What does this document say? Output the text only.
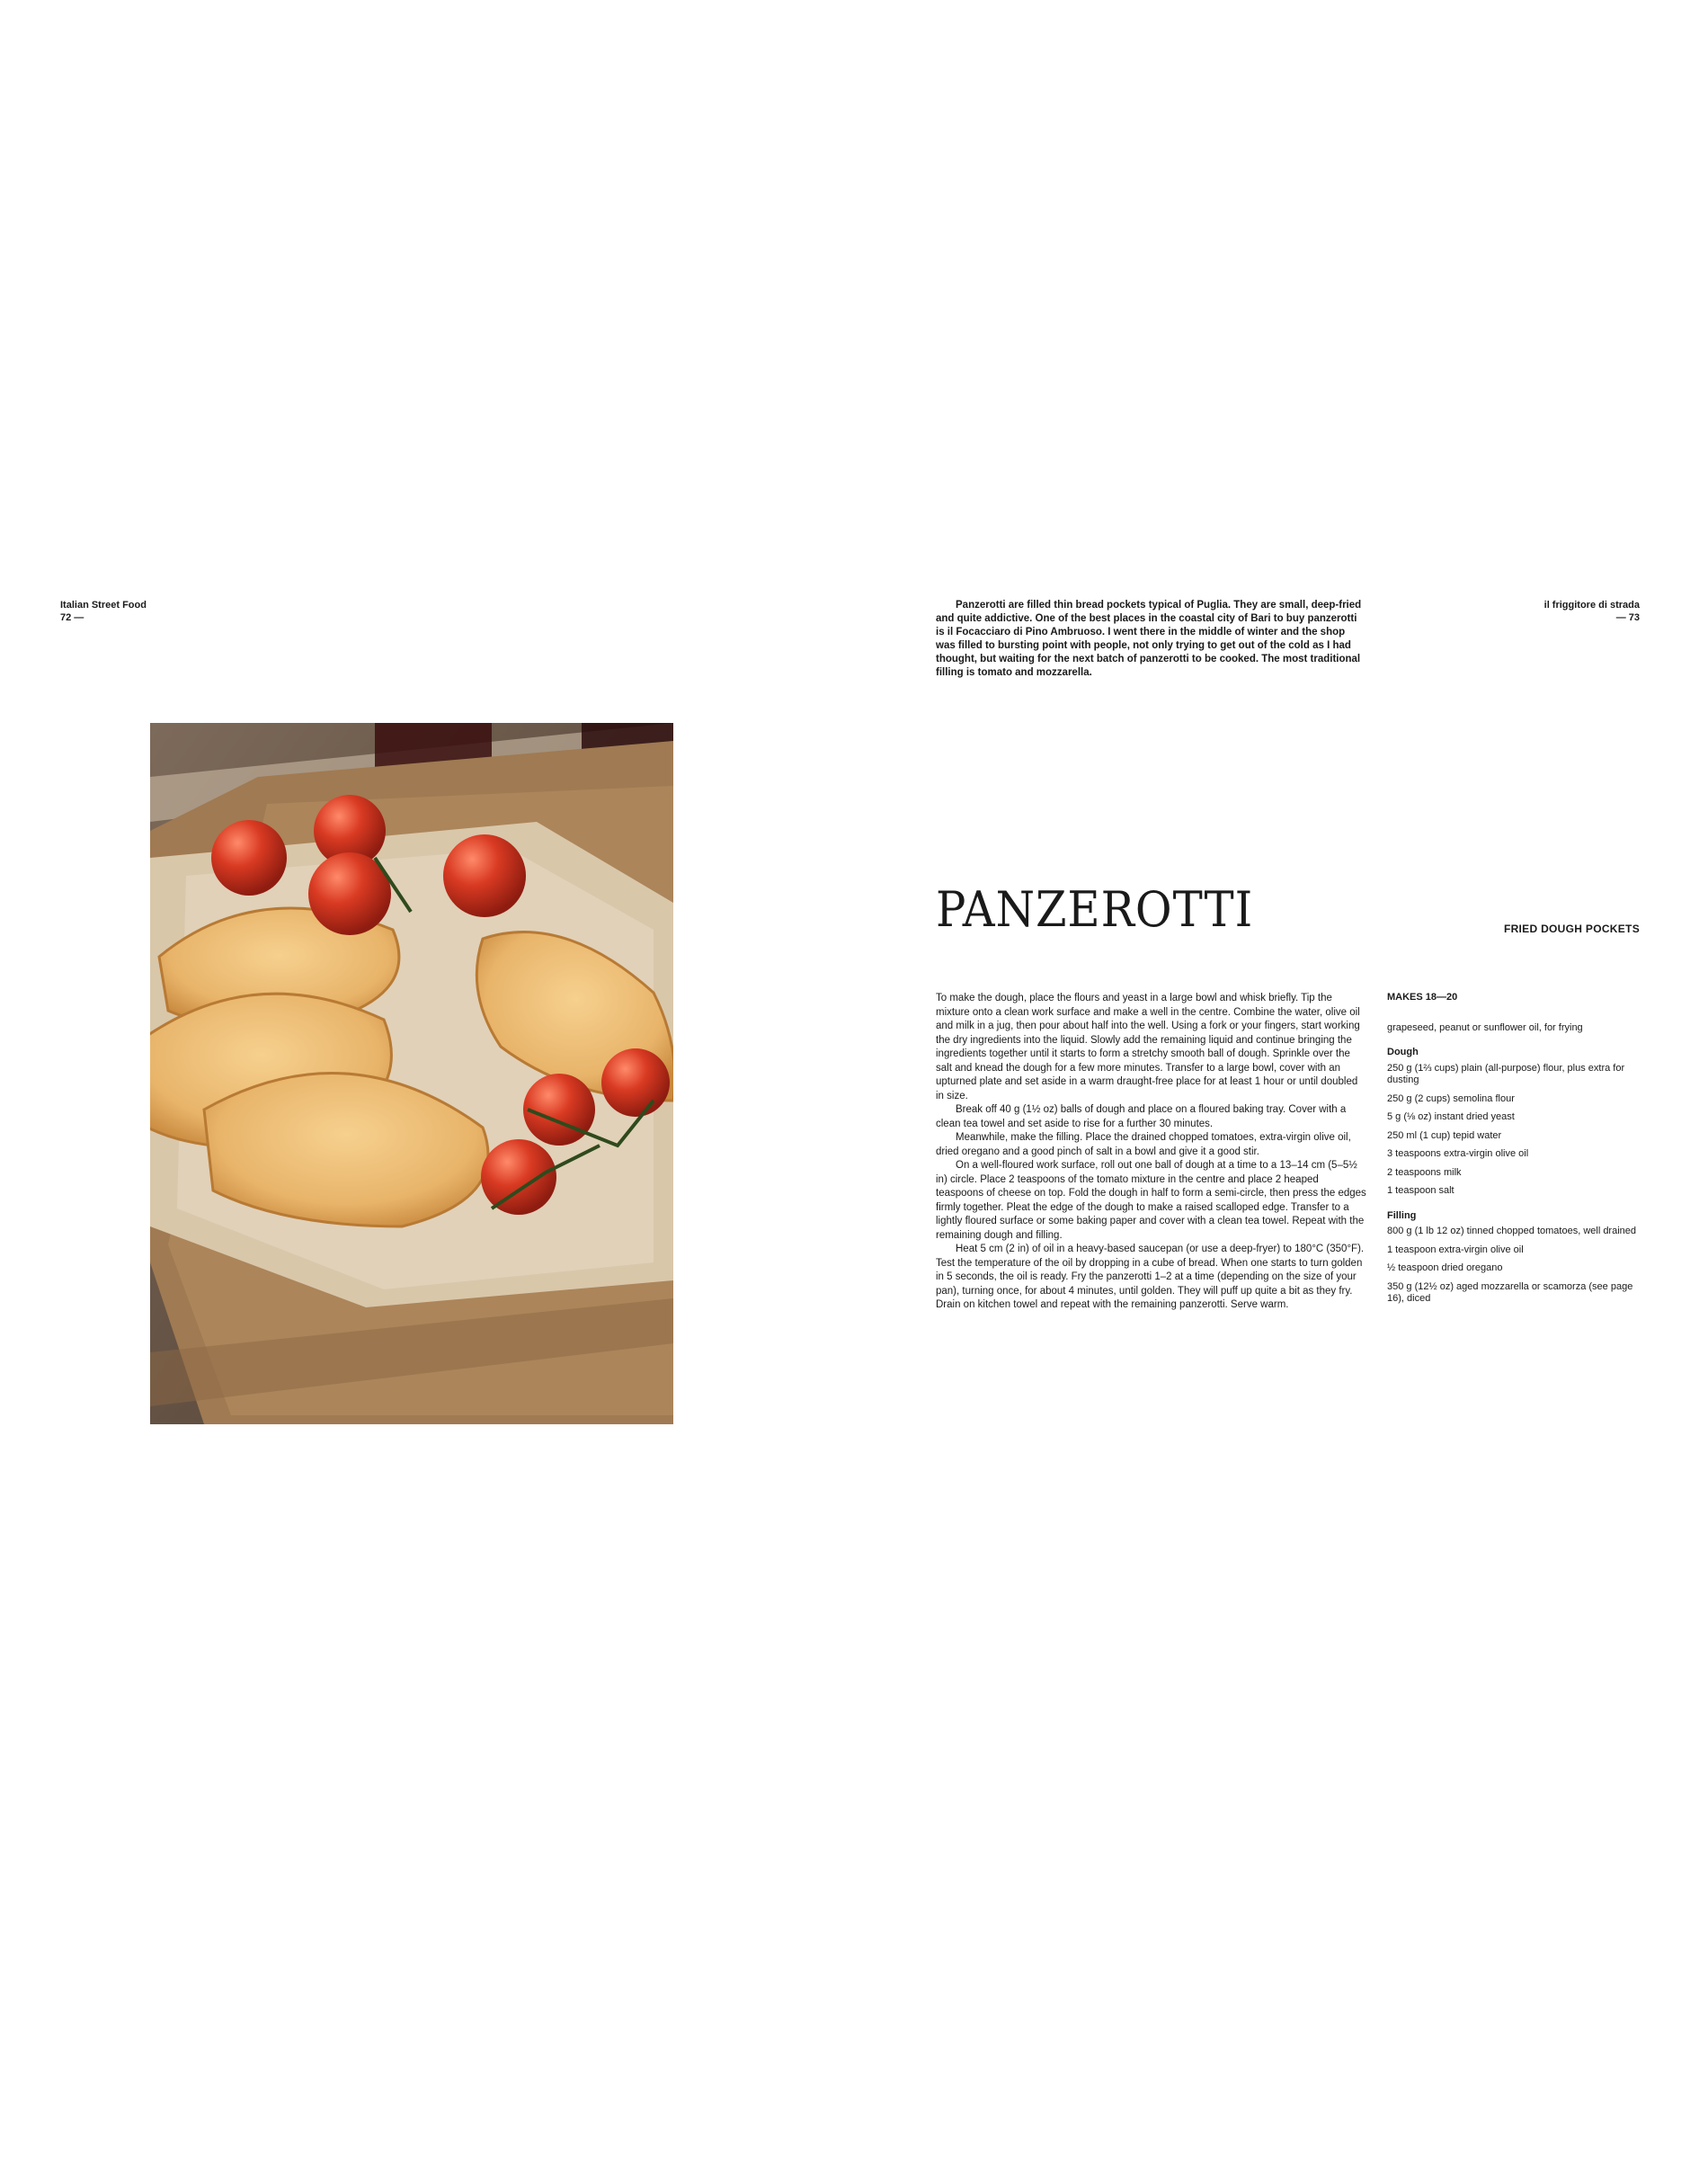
Italian Street Food
72 —
il friggitore di strada
— 73

Panzerotti are filled thin bread pockets typical of Puglia. They are small, deep-fried and quite addictive. One of the best places in the coastal city of Bari to buy panzerotti is il Focacciaro di Pino Ambruoso. I went there in the middle of winter and the shop was filled to bursting point with people, not only trying to get out of the cold as I had thought, but waiting for the next batch of panzerotti to be cooked. The most traditional filling is tomato and mozzarella.

PANZEROTTI	FRIED DOUGH POCKETS

To make the dough, place the flours and yeast in a large bowl and whisk briefly. Tip the mixture onto a clean work surface and make a well in the centre. Combine the water, olive oil and milk in a jug, then pour about half into the well. Using a fork or your fingers, start working the dry ingredients into the liquid. Slowly add the remaining liquid and continue bringing the ingredients together until it starts to form a stretchy smooth ball of dough. Sprinkle over the salt and knead the dough for a few more minutes. Transfer to a large bowl, cover with an upturned plate and set aside in a warm draught-free place for at least 1 hour or until doubled in size.

Break off 40 g (1½ oz) balls of dough and place on a floured baking tray. Cover with a clean tea towel and set aside to rise for a further 30 minutes.

Meanwhile, make the filling. Place the drained chopped tomatoes, extra-virgin olive oil, dried oregano and a good pinch of salt in a bowl and give it a good stir.

On a well-floured work surface, roll out one ball of dough at a time to a 13–14 cm (5–5½ in) circle. Place 2 teaspoons of the tomato mixture in the centre and place 2 heaped teaspoons of cheese on top. Fold the dough in half to form a semi-circle, then press the edges firmly together. Pleat the edge of the dough to make a raised scalloped edge. Transfer to a lightly floured surface or some baking paper and cover with a clean tea towel. Repeat with the remaining dough and filling.

Heat 5 cm (2 in) of oil in a heavy-based saucepan (or use a deep-fryer) to 180°C (350°F). Test the temperature of the oil by dropping in a cube of bread. When one starts to turn golden in 5 seconds, the oil is ready. Fry the panzerotti 1–2 at a time (depending on the size of your pan), turning once, for about 4 minutes, until golden. They will puff up quite a bit as they fry. Drain on kitchen towel and repeat with the remaining panzerotti. Serve warm.

MAKES 18—20

grapeseed, peanut or sunflower oil, for frying

Dough
250 g (1⅔ cups) plain (all-purpose) flour, plus extra for dusting
250 g (2 cups) semolina flour
5 g (⅛ oz) instant dried yeast
250 ml (1 cup) tepid water
3 teaspoons extra-virgin olive oil
2 teaspoons milk
1 teaspoon salt
Filling
800 g (1 lb 12 oz) tinned chopped tomatoes, well drained
1 teaspoon extra-virgin olive oil
½ teaspoon dried oregano
350 g (12½ oz) aged mozzarella or scamorza (see page 16), diced
